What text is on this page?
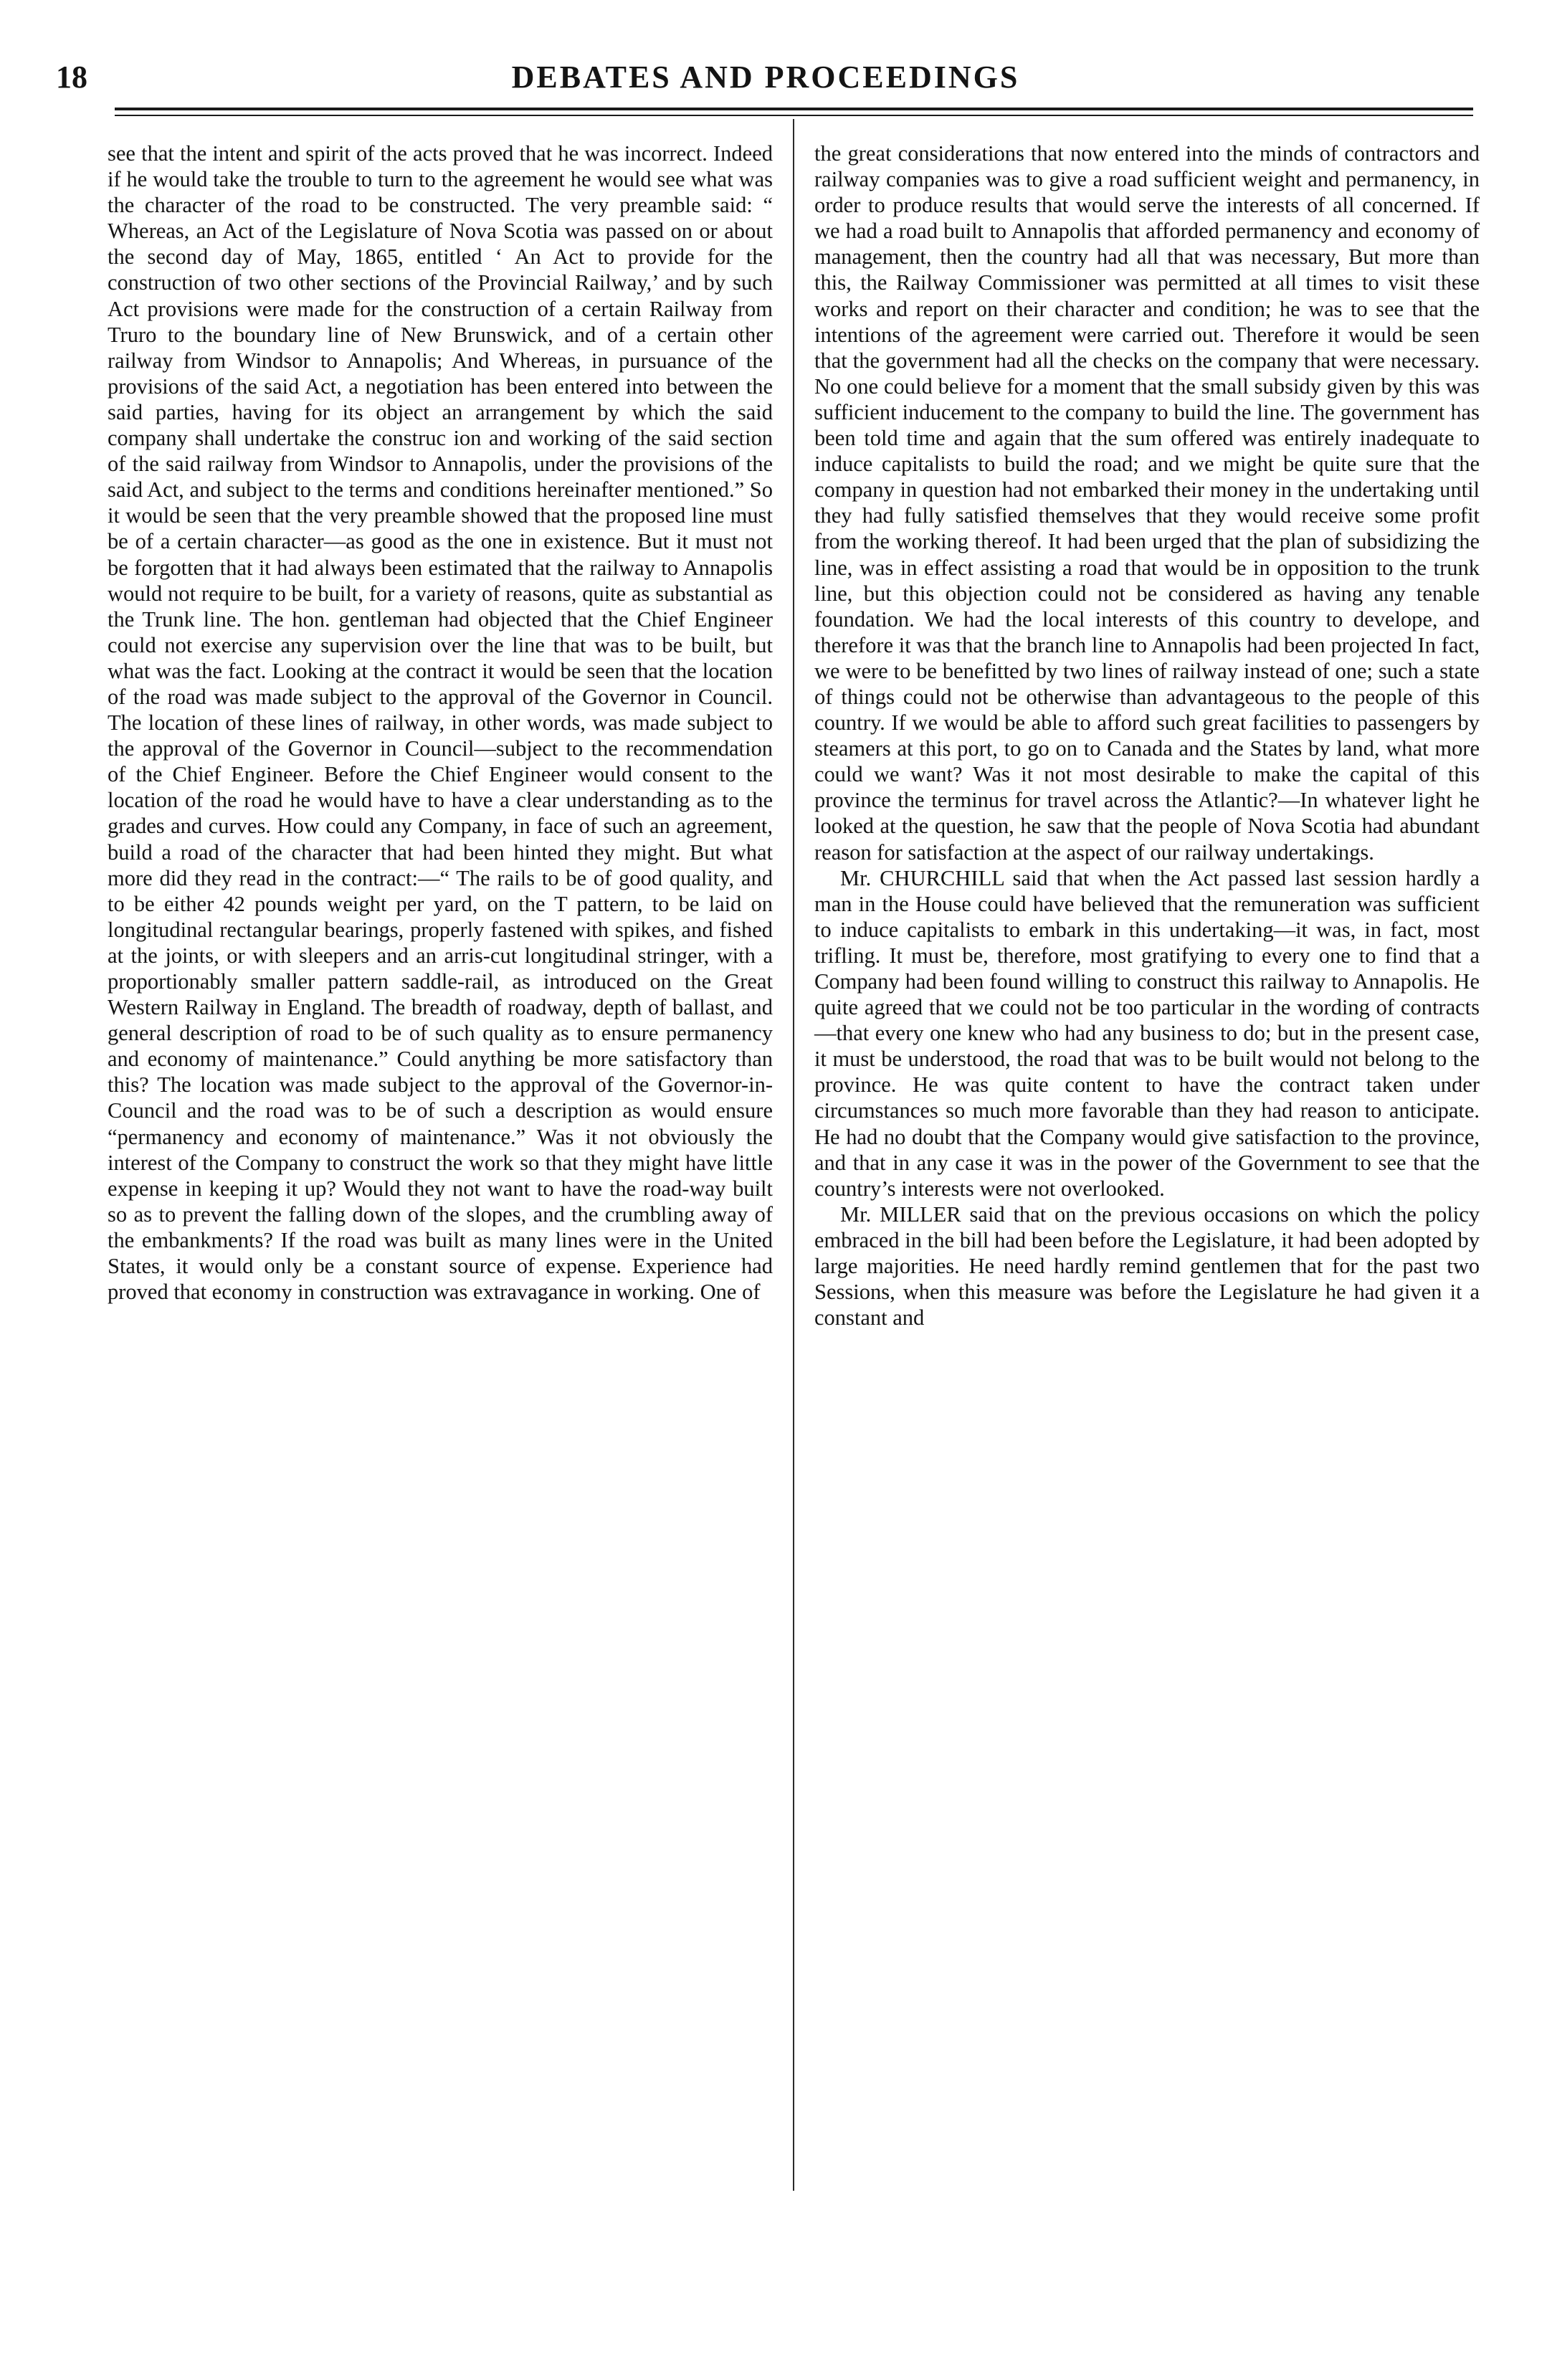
18	DEBATES AND PROCEEDINGS

see that the intent and spirit of the acts proved that he was incorrect. Indeed if he would take the trouble to turn to the agreement he would see what was the character of the road to be constructed. The very preamble said: “ Whereas, an Act of the Legislature of Nova Scotia was passed on or about the second day of May, 1865, entitled ‘ An Act to provide for the construction of two other sections of the Provincial Railway,’ and by such Act provisions were made for the construction of a certain Railway from Truro to the boundary line of New Brunswick, and of a certain other railway from Windsor to Annapolis; And Whereas, in pursuance of the provisions of the said Act, a negotiation has been entered into between the said parties, having for its object an arrangement by which the said company shall undertake the construc ion and working of the said section of the said railway from Windsor to Annapolis, under the provisions of the said Act, and subject to the terms and conditions hereinafter mentioned.” So it would be seen that the very preamble showed that the proposed line must be of a certain character—as good as the one in existence. But it must not be forgotten that it had always been estimated that the railway to Annapolis would not require to be built, for a variety of reasons, quite as substantial as the Trunk line. The hon. gentleman had objected that the Chief Engineer could not exercise any supervision over the line that was to be built, but what was the fact. Looking at the contract it would be seen that the location of the road was made subject to the approval of the Governor in Council. The location of these lines of railway, in other words, was made subject to the approval of the Governor in Council—subject to the recommendation of the Chief Engineer. Before the Chief Engineer would consent to the location of the road he would have to have a clear understanding as to the grades and curves. How could any Company, in face of such an agreement, build a road of the character that had been hinted they might. But what more did they read in the contract:—“ The rails to be of good quality, and to be either 42 pounds weight per yard, on the T pattern, to be laid on longitudinal rectangular bearings, properly fastened with spikes, and fished at the joints, or with sleepers and an arris-cut longitudinal stringer, with a proportionably smaller pattern saddle-rail, as introduced on the Great Western Railway in England. The breadth of roadway, depth of ballast, and general description of road to be of such quality as to ensure permanency and economy of maintenance.” Could anything be more satisfactory than this? The location was made subject to the approval of the Governor-in-Council and the road was to be of such a description as would ensure “permanency and economy of maintenance.” Was it not obviously the interest of the Company to construct the work so that they might have little expense in keeping it up? Would they not want to have the road-way built so as to prevent the falling down of the slopes, and the crumbling away of the embankments? If the road was built as many lines were in the United States, it would only be a constant source of expense. Experience had proved that economy in construction was extravagance in working. One of

the great considerations that now entered into the minds of contractors and railway companies was to give a road sufficient weight and permanency, in order to produce results that would serve the interests of all concerned. If we had a road built to Annapolis that afforded permanency and economy of management, then the country had all that was necessary, But more than this, the Railway Commissioner was permitted at all times to visit these works and report on their character and condition; he was to see that the intentions of the agreement were carried out. Therefore it would be seen that the government had all the checks on the company that were necessary. No one could believe for a moment that the small subsidy given by this was sufficient inducement to the company to build the line. The government has been told time and again that the sum offered was entirely inadequate to induce capitalists to build the road; and we might be quite sure that the company in question had not embarked their money in the undertaking until they had fully satisfied themselves that they would receive some profit from the working thereof. It had been urged that the plan of subsidizing the line, was in effect assisting a road that would be in opposition to the trunk line, but this objection could not be considered as having any tenable foundation. We had the local interests of this country to develope, and therefore it was that the branch line to Annapolis had been projected In fact, we were to be benefitted by two lines of railway instead of one; such a state of things could not be otherwise than advantageous to the people of this country. If we would be able to afford such great facilities to passengers by steamers at this port, to go on to Canada and the States by land, what more could we want? Was it not most desirable to make the capital of this province the terminus for travel across the Atlantic?—In whatever light he looked at the question, he saw that the people of Nova Scotia had abundant reason for satisfaction at the aspect of our railway undertakings.

Mr. CHURCHILL said that when the Act passed last session hardly a man in the House could have believed that the remuneration was sufficient to induce capitalists to embark in this undertaking—it was, in fact, most trifling. It must be, therefore, most gratifying to every one to find that a Company had been found willing to construct this railway to Annapolis. He quite agreed that we could not be too particular in the wording of contracts—that every one knew who had any business to do; but in the present case, it must be understood, the road that was to be built would not belong to the province. He was quite content to have the contract taken under circumstances so much more favorable than they had reason to anticipate. He had no doubt that the Company would give satisfaction to the province, and that in any case it was in the power of the Government to see that the country’s interests were not overlooked.

Mr. MILLER said that on the previous occasions on which the policy embraced in the bill had been before the Legislature, it had been adopted by large majorities. He need hardly remind gentlemen that for the past two Sessions, when this measure was before the Legislature he had given it a constant and
